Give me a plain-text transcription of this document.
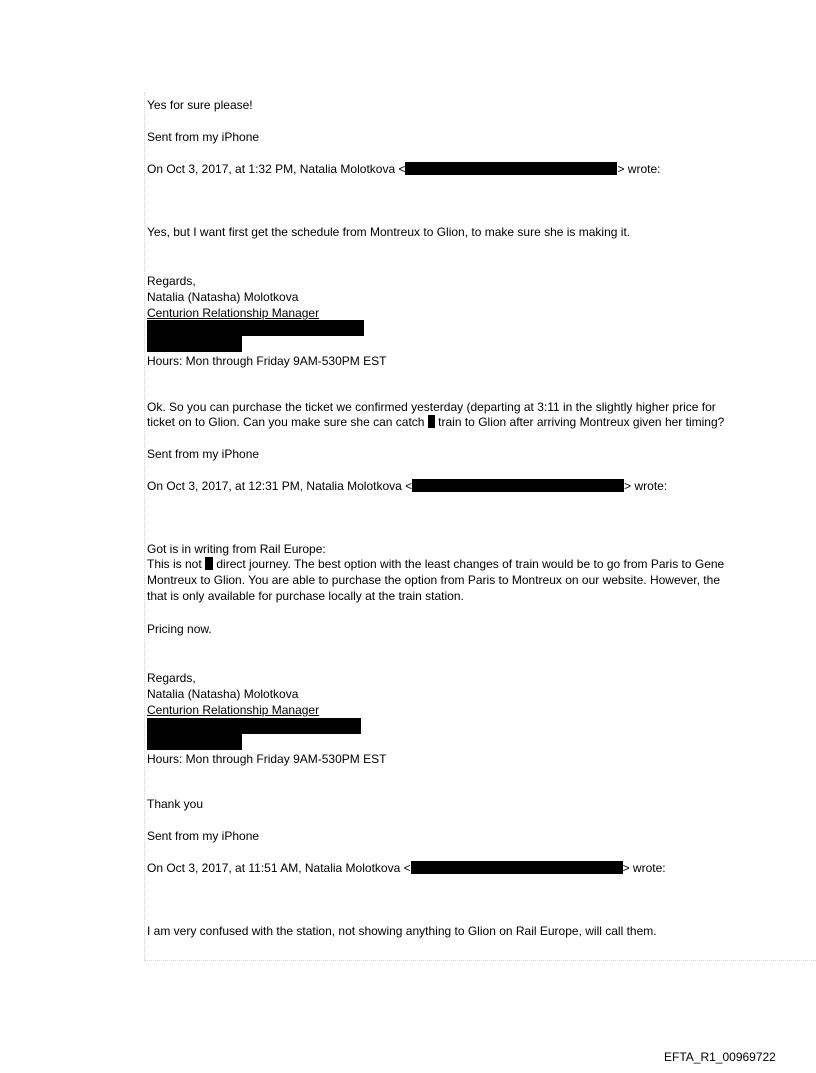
Yes for sure please!
Sent from my iPhone
On Oct 3, 2017, at 1:32 PM, Natalia Molotkova <	> wrote:
Yes, but I want first get the schedule from Montreux to Glion, to make sure she is making it.
Regards,
Natalia (Natasha) Molotkova
Centurion Relationship Manager
Hours: Mon through Friday 9AM-530PM EST
Ok. So you can purchase the ticket we confirmed yesterday (departing at 3:11 in the slightly higher price for
ticket on to Glion. Can you make sure she can catch train to Glion after arriving Montreux given her timing?
Sent from my iPhone
On Oct 3, 2017, at 12:31 PM, Natalia Molotkova <	> wrote:
Got is in writing from Rail Europe:
This is not direct journey. The best option with the least changes of train would be to go from Paris to Gene
Montreux to Glion. You are able to purchase the option from Paris to Montreux on our website. However, the
that is only available for purchase locally at the train station.
Pricing now.
Regards,
Natalia (Natasha) Molotkova
Centurion Relationship Manager
Hours: Mon through Friday 9AM-530PM EST
Thank you
Sent from my iPhone
On Oct 3, 2017, at 11:51 AM, Natalia Molotkova <	> wrote:
I am very confused with the station, not showing anything to Glion on Rail Europe, will call them.
EFTA_R1_00969722
